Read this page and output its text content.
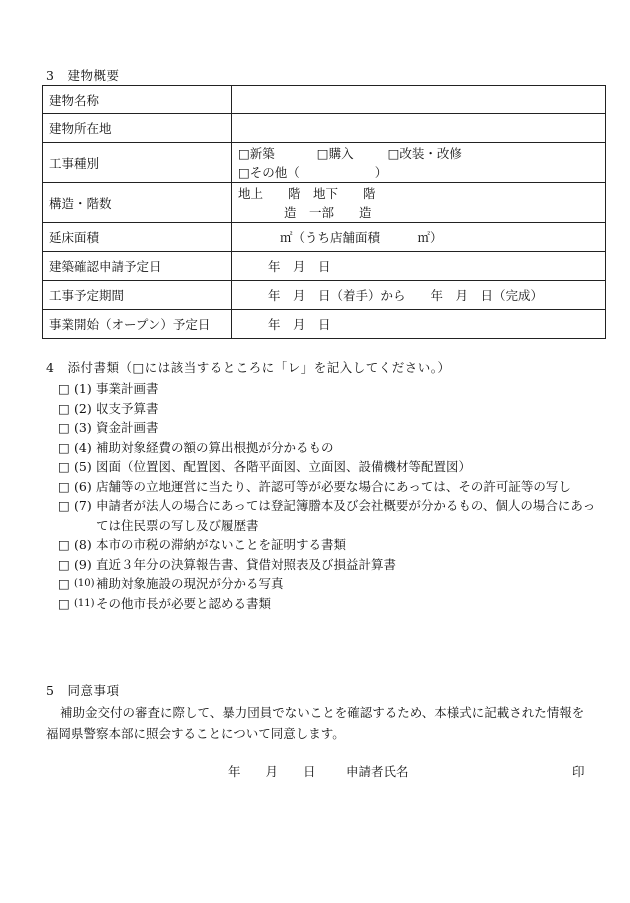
3　建物概要
建物名称	
建物所在地	
工事種別	□新築 □購入 □改装・改修
□その他（　　　　　　）
構造・階数	地上　　階　地下　　階
造　一部　　造
延床面積	㎡（うち店舗面積　　　㎡）
建築確認申請予定日	年　月　日
工事予定期間	年　月　日（着手）から　　年　月　日（完成）
事業開始（オープン）予定日	年　月　日
4　添付書類（□には該当するところに「レ」を記入してください。）
□ (1) 事業計画書
□ (2) 収支予算書
□ (3) 資金計画書
□ (4) 補助対象経費の額の算出根拠が分かるもの
□ (5) 図面（位置図、配置図、各階平面図、立面図、設備機材等配置図）
□ (6) 店舗等の立地運営に当たり、許認可等が必要な場合にあっては、その許可証等の写し
□ (7) 申請者が法人の場合にあっては登記簿謄本及び会社概要が分かるもの、個人の場合にあっては住民票の写し及び履歴書
□ (8) 本市の市税の滞納がないことを証明する書類
□ (9) 直近３年分の決算報告書、貸借対照表及び損益計算書
□ (10) 補助対象施設の現況が分かる写真
□ (11) その他市長が必要と認める書類
5　同意事項
補助金交付の審査に際して、暴力団員でないことを確認するため、本様式に記載された情報を福岡県警察本部に照会することについて同意します。
年　　月　　日 申請者氏名	印
